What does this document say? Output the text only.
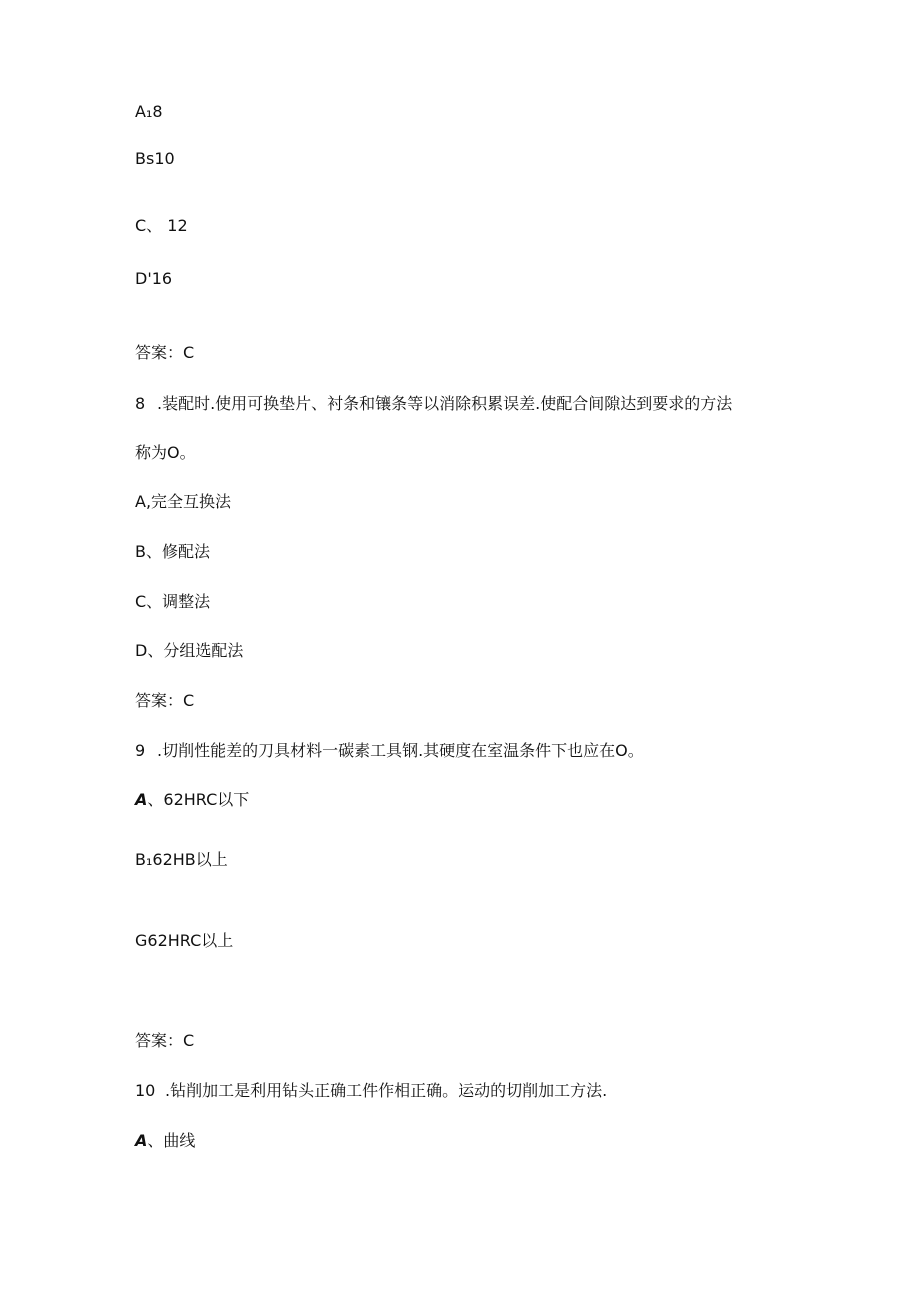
A₁8
Bs10
C、 12
D'16
答案：C
8 .装配时.使用可换垫片、衬条和镶条等以消除积累误差.使配合间隙达到要求的方法
称为O。
A,完全互换法
B、修配法
C、调整法
D、分组选配法
答案：C
9 .切削性能差的刀具材料一碳素工具钢.其硬度在室温条件下也应在O。
A、62HRC以下
B₁62HB以上
G62HRC以上
答案：C
10 .钻削加工是利用钻头正确工件作相正确。运动的切削加工方法.
A、曲线
